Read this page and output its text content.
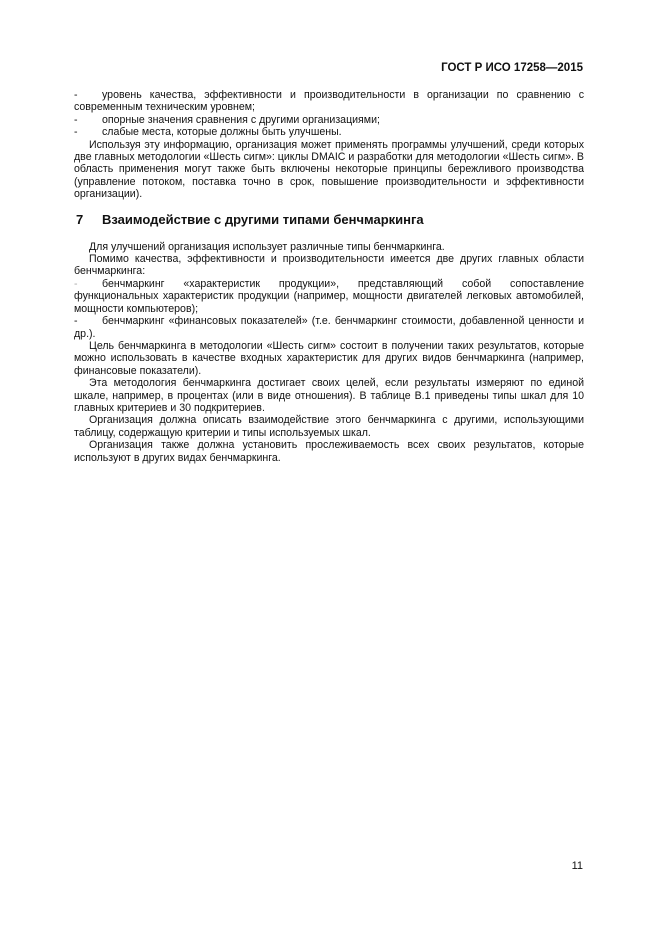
ГОСТ Р ИСО 17258—2015
-	уровень качества, эффективности и производительности в организации по сравнению с современным техническим уровнем;
-	опорные значения сравнения с другими организациями;
-	слабые места, которые должны быть улучшены.

Используя эту информацию, организация может применять программы улучшений, среди которых две главных методологии «Шесть сигм»: циклы DMAIC и разработки для методологии «Шесть сигм». В область применения могут также быть включены некоторые принципы бережливого производства (управление потоком, поставка точно в срок, повышение производительности и эффективности организации).

7	Взаимодействие с другими типами бенчмаркинга

Для улучшений организация использует различные типы бенчмаркинга.

Помимо качества, эффективности и производительности имеется две других главных области бенчмаркинга:

-	бенчмаркинг «характеристик продукции», представляющий собой сопоставление функциональных характеристик продукции (например, мощности двигателей легковых автомобилей, мощности компьютеров);
-	бенчмаркинг «финансовых показателей» (т.е. бенчмаркинг стоимости, добавленной ценности и др.).

Цель бенчмаркинга в методологии «Шесть сигм» состоит в получении таких результатов, которые можно использовать в качестве входных характеристик для других видов бенчмаркинга (например, финансовые показатели).

Эта методология бенчмаркинга достигает своих целей, если результаты измеряют по единой шкале, например, в процентах (или в виде отношения). В таблице В.1 приведены типы шкал для 10 главных критериев и 30 подкритериев.

Организация должна описать взаимодействие этого бенчмаркинга с другими, использующими таблицу, содержащую критерии и типы используемых шкал.

Организация также должна установить прослеживаемость всех своих результатов, которые используют в других видах бенчмаркинга.

11
